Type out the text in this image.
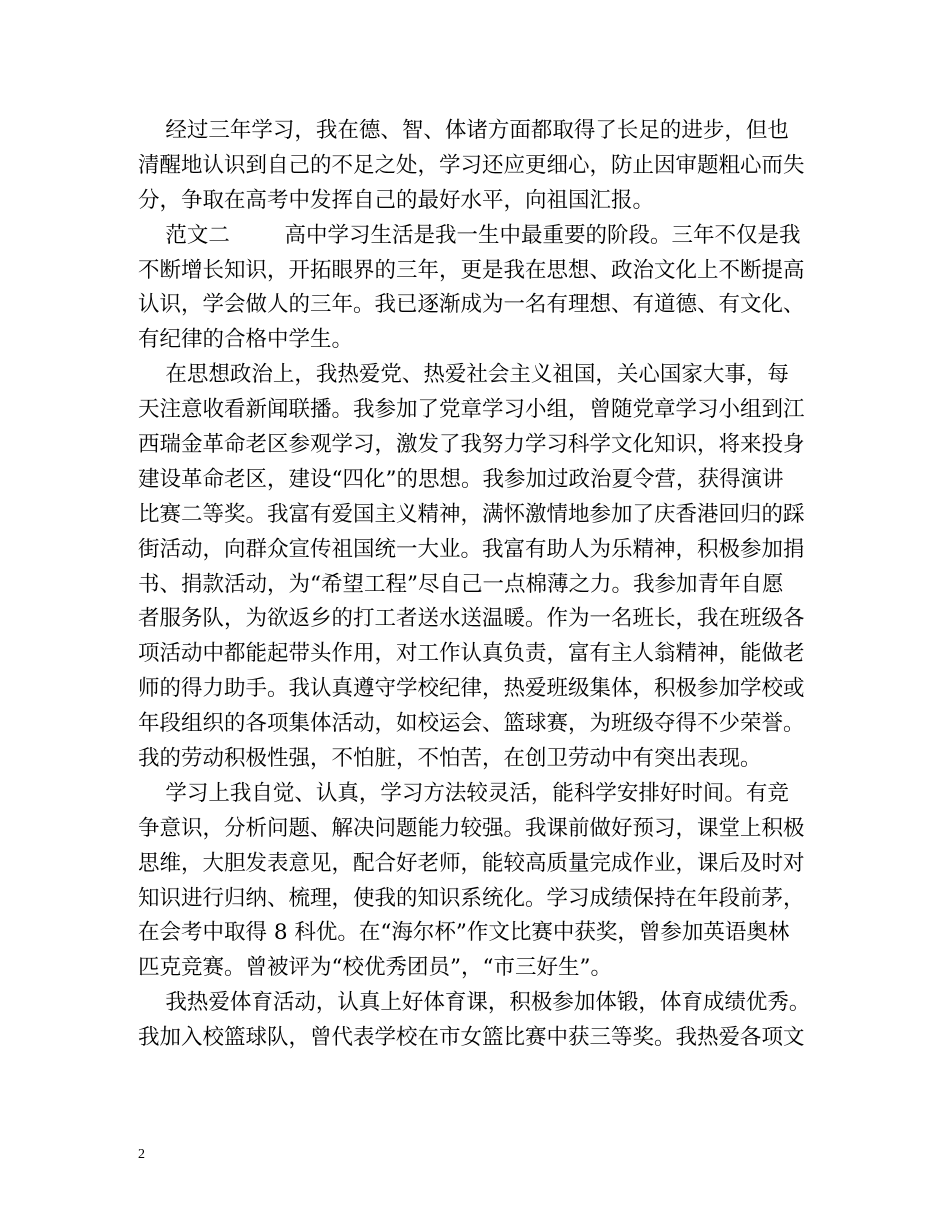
经过三年学习，我在德、智、体诸方面都取得了长足的进步，但也
清醒地认识到自己的不足之处，学习还应更细心，防止因审题粗心而失
分，争取在高考中发挥自己的最好水平，向祖国汇报。
范文二        高中学习生活是我一生中最重要的阶段。三年不仅是我
不断增长知识，开拓眼界的三年，更是我在思想、政治文化上不断提高
认识，学会做人的三年。我已逐渐成为一名有理想、有道德、有文化、
有纪律的合格中学生。
在思想政治上，我热爱党、热爱社会主义祖国，关心国家大事，每
天注意收看新闻联播。我参加了党章学习小组，曾随党章学习小组到江
西瑞金革命老区参观学习，激发了我努力学习科学文化知识，将来投身
建设革命老区，建设“四化”的思想。我参加过政治夏令营，获得演讲
比赛二等奖。我富有爱国主义精神，满怀激情地参加了庆香港回归的踩
街活动，向群众宣传祖国统一大业。我富有助人为乐精神，积极参加捐
书、捐款活动，为“希望工程”尽自己一点棉薄之力。我参加青年自愿
者服务队，为欲返乡的打工者送水送温暖。作为一名班长，我在班级各
项活动中都能起带头作用，对工作认真负责，富有主人翁精神，能做老
师的得力助手。我认真遵守学校纪律，热爱班级集体，积极参加学校或
年段组织的各项集体活动，如校运会、篮球赛，为班级夺得不少荣誉。
我的劳动积极性强，不怕脏，不怕苦，在创卫劳动中有突出表现。
学习上我自觉、认真，学习方法较灵活，能科学安排好时间。有竞
争意识，分析问题、解决问题能力较强。我课前做好预习，课堂上积极
思维，大胆发表意见，配合好老师，能较高质量完成作业，课后及时对
知识进行归纳、梳理，使我的知识系统化。学习成绩保持在年段前茅，
在会考中取得 8 科优。在“海尔杯”作文比赛中获奖，曾参加英语奥林
匹克竞赛。曾被评为“校优秀团员”，“市三好生”。
我热爱体育活动，认真上好体育课，积极参加体锻，体育成绩优秀。
我加入校篮球队，曾代表学校在市女篮比赛中获三等奖。我热爱各项文
2
